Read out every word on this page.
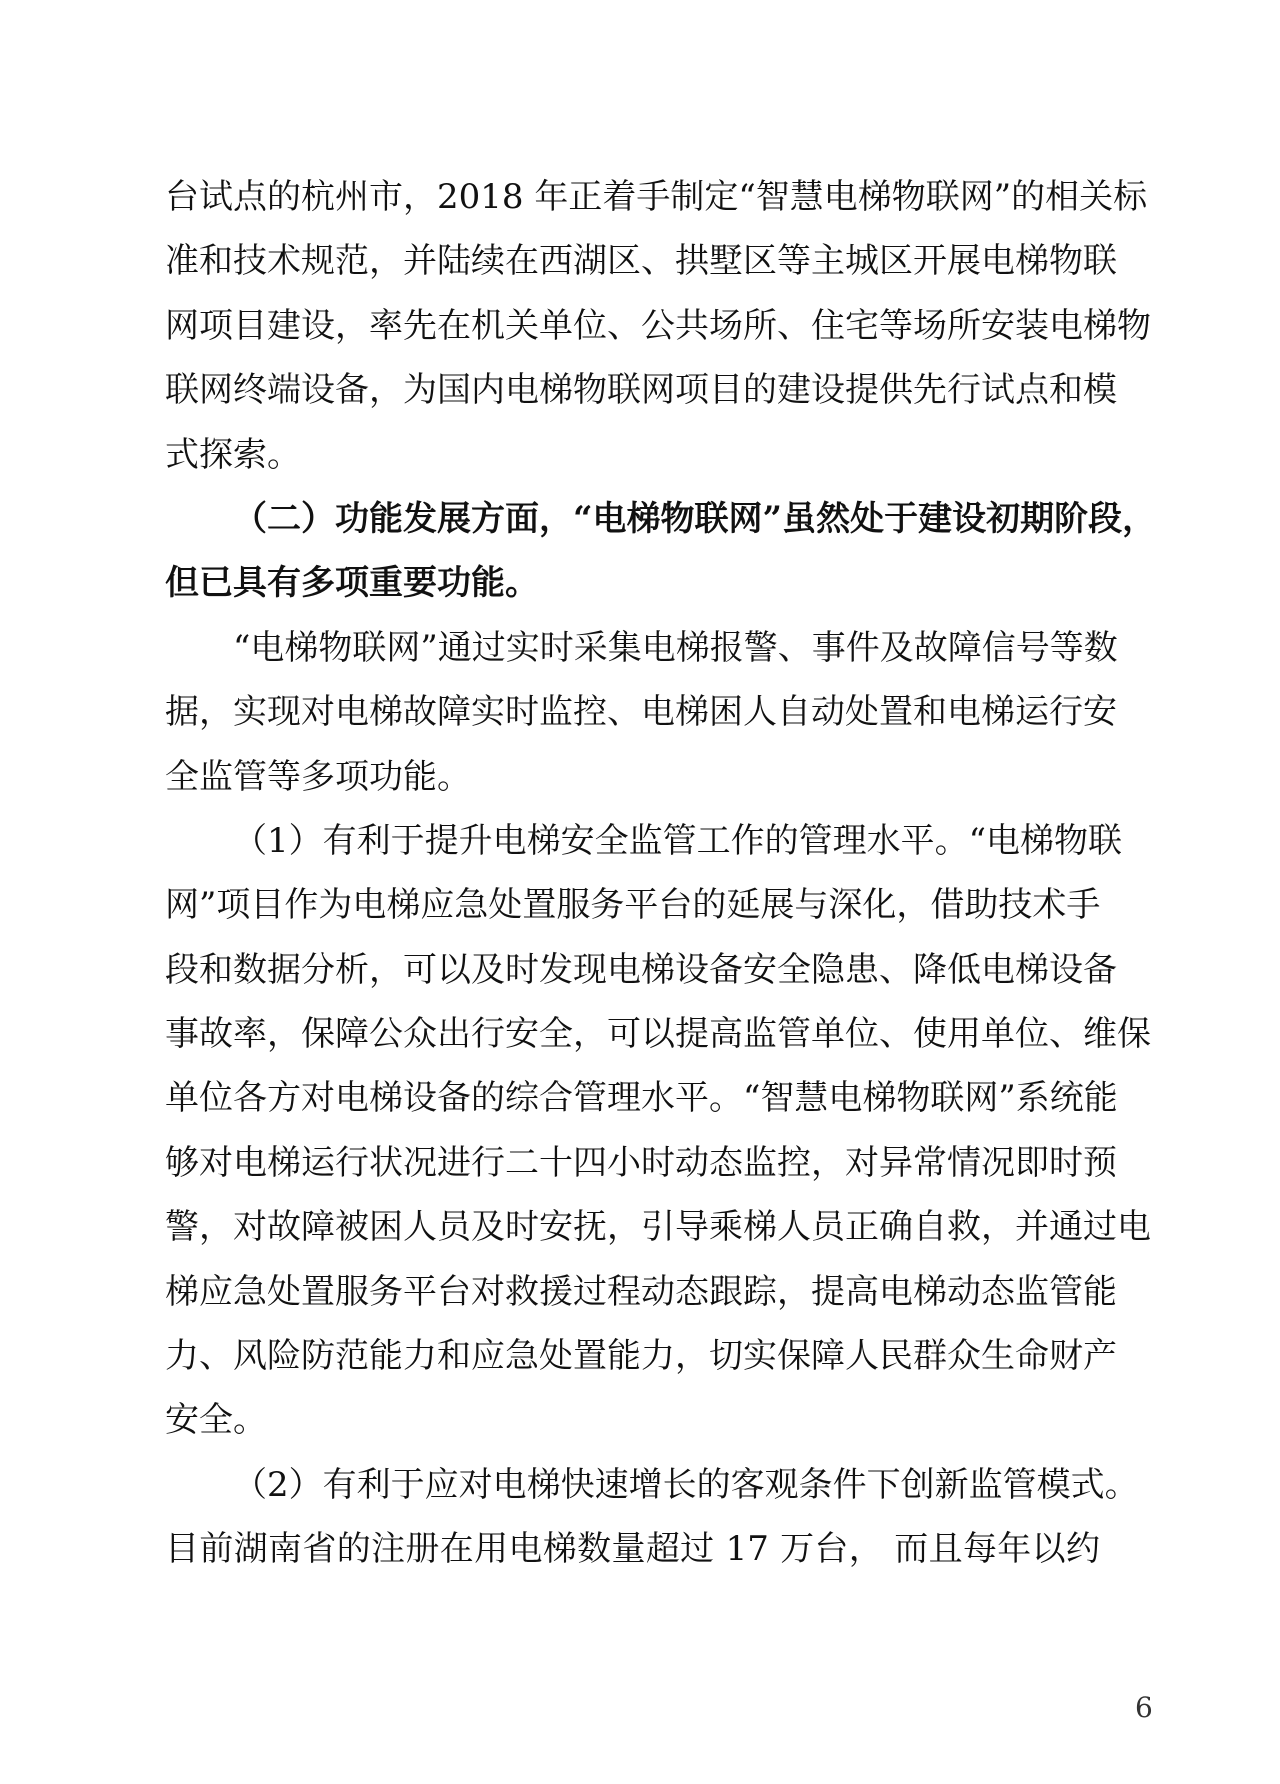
台试点的杭州市，2018 年正着手制定“智慧电梯物联网”的相关标
准和技术规范，并陆续在西湖区、拱墅区等主城区开展电梯物联
网项目建设，率先在机关单位、公共场所、住宅等场所安装电梯物
联网终端设备，为国内电梯物联网项目的建设提供先行试点和模
式探索。
（二）功能发展方面，“电梯物联网”虽然处于建设初期阶段，
但已具有多项重要功能。
“电梯物联网”通过实时采集电梯报警、事件及故障信号等数
据，实现对电梯故障实时监控、电梯困人自动处置和电梯运行安
全监管等多项功能。
（1）有利于提升电梯安全监管工作的管理水平。“电梯物联
网”项目作为电梯应急处置服务平台的延展与深化，借助技术手
段和数据分析，可以及时发现电梯设备安全隐患、降低电梯设备
事故率，保障公众出行安全，可以提高监管单位、使用单位、维保
单位各方对电梯设备的综合管理水平。“智慧电梯物联网”系统能
够对电梯运行状况进行二十四小时动态监控，对异常情况即时预
警，对故障被困人员及时安抚，引导乘梯人员正确自救，并通过电
梯应急处置服务平台对救援过程动态跟踪，提高电梯动态监管能
力、风险防范能力和应急处置能力，切实保障人民群众生命财产
安全。
（2）有利于应对电梯快速增长的客观条件下创新监管模式。
目前湖南省的注册在用电梯数量超过 17 万台， 而且每年以约
6
